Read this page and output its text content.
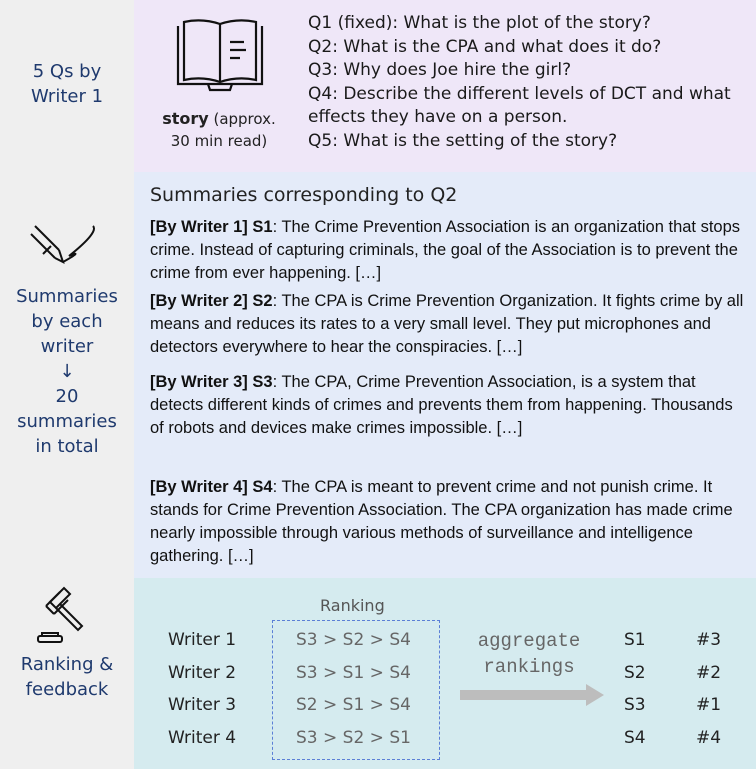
5 Qs by
Writer 1
story (approx.
30 min read)
Q1 (fixed): What is the plot of the story?
Q2: What is the CPA and what does it do?
Q3: Why does Joe hire the girl?
Q4: Describe the different levels of DCT and what effects they have on a person.
Q5: What is the setting of the story?
Summaries
by each
writer
↓
20
summaries
in total
Summaries corresponding to Q2
[By Writer 1] S1: The Crime Prevention Association is an organization that stops crime. Instead of capturing criminals, the goal of the Association is to prevent the crime from ever happening. […]
[By Writer 2] S2: The CPA is Crime Prevention Organization. It fights crime by all means and reduces its rates to a very small level. They put microphones and detectors everywhere to hear the conspiracies. […]
[By Writer 3] S3: The CPA, Crime Prevention Association, is a system that detects different kinds of crimes and prevents them from happening. Thousands of robots and devices make crimes impossible. […]
[By Writer 4] S4: The CPA is meant to prevent crime and not punish crime. It stands for Crime Prevention Association. The CPA organization has made crime nearly impossible through various methods of surveillance and intelligence gathering. […]
Ranking &
feedback
Ranking
Writer 1
Writer 2
Writer 3
Writer 4
S3 > S2 > S4
S3 > S1 > S4
S2 > S1 > S4
S3 > S2 > S1
aggregate
rankings
S1
S2
S3
S4
#3
#2
#1
#4
